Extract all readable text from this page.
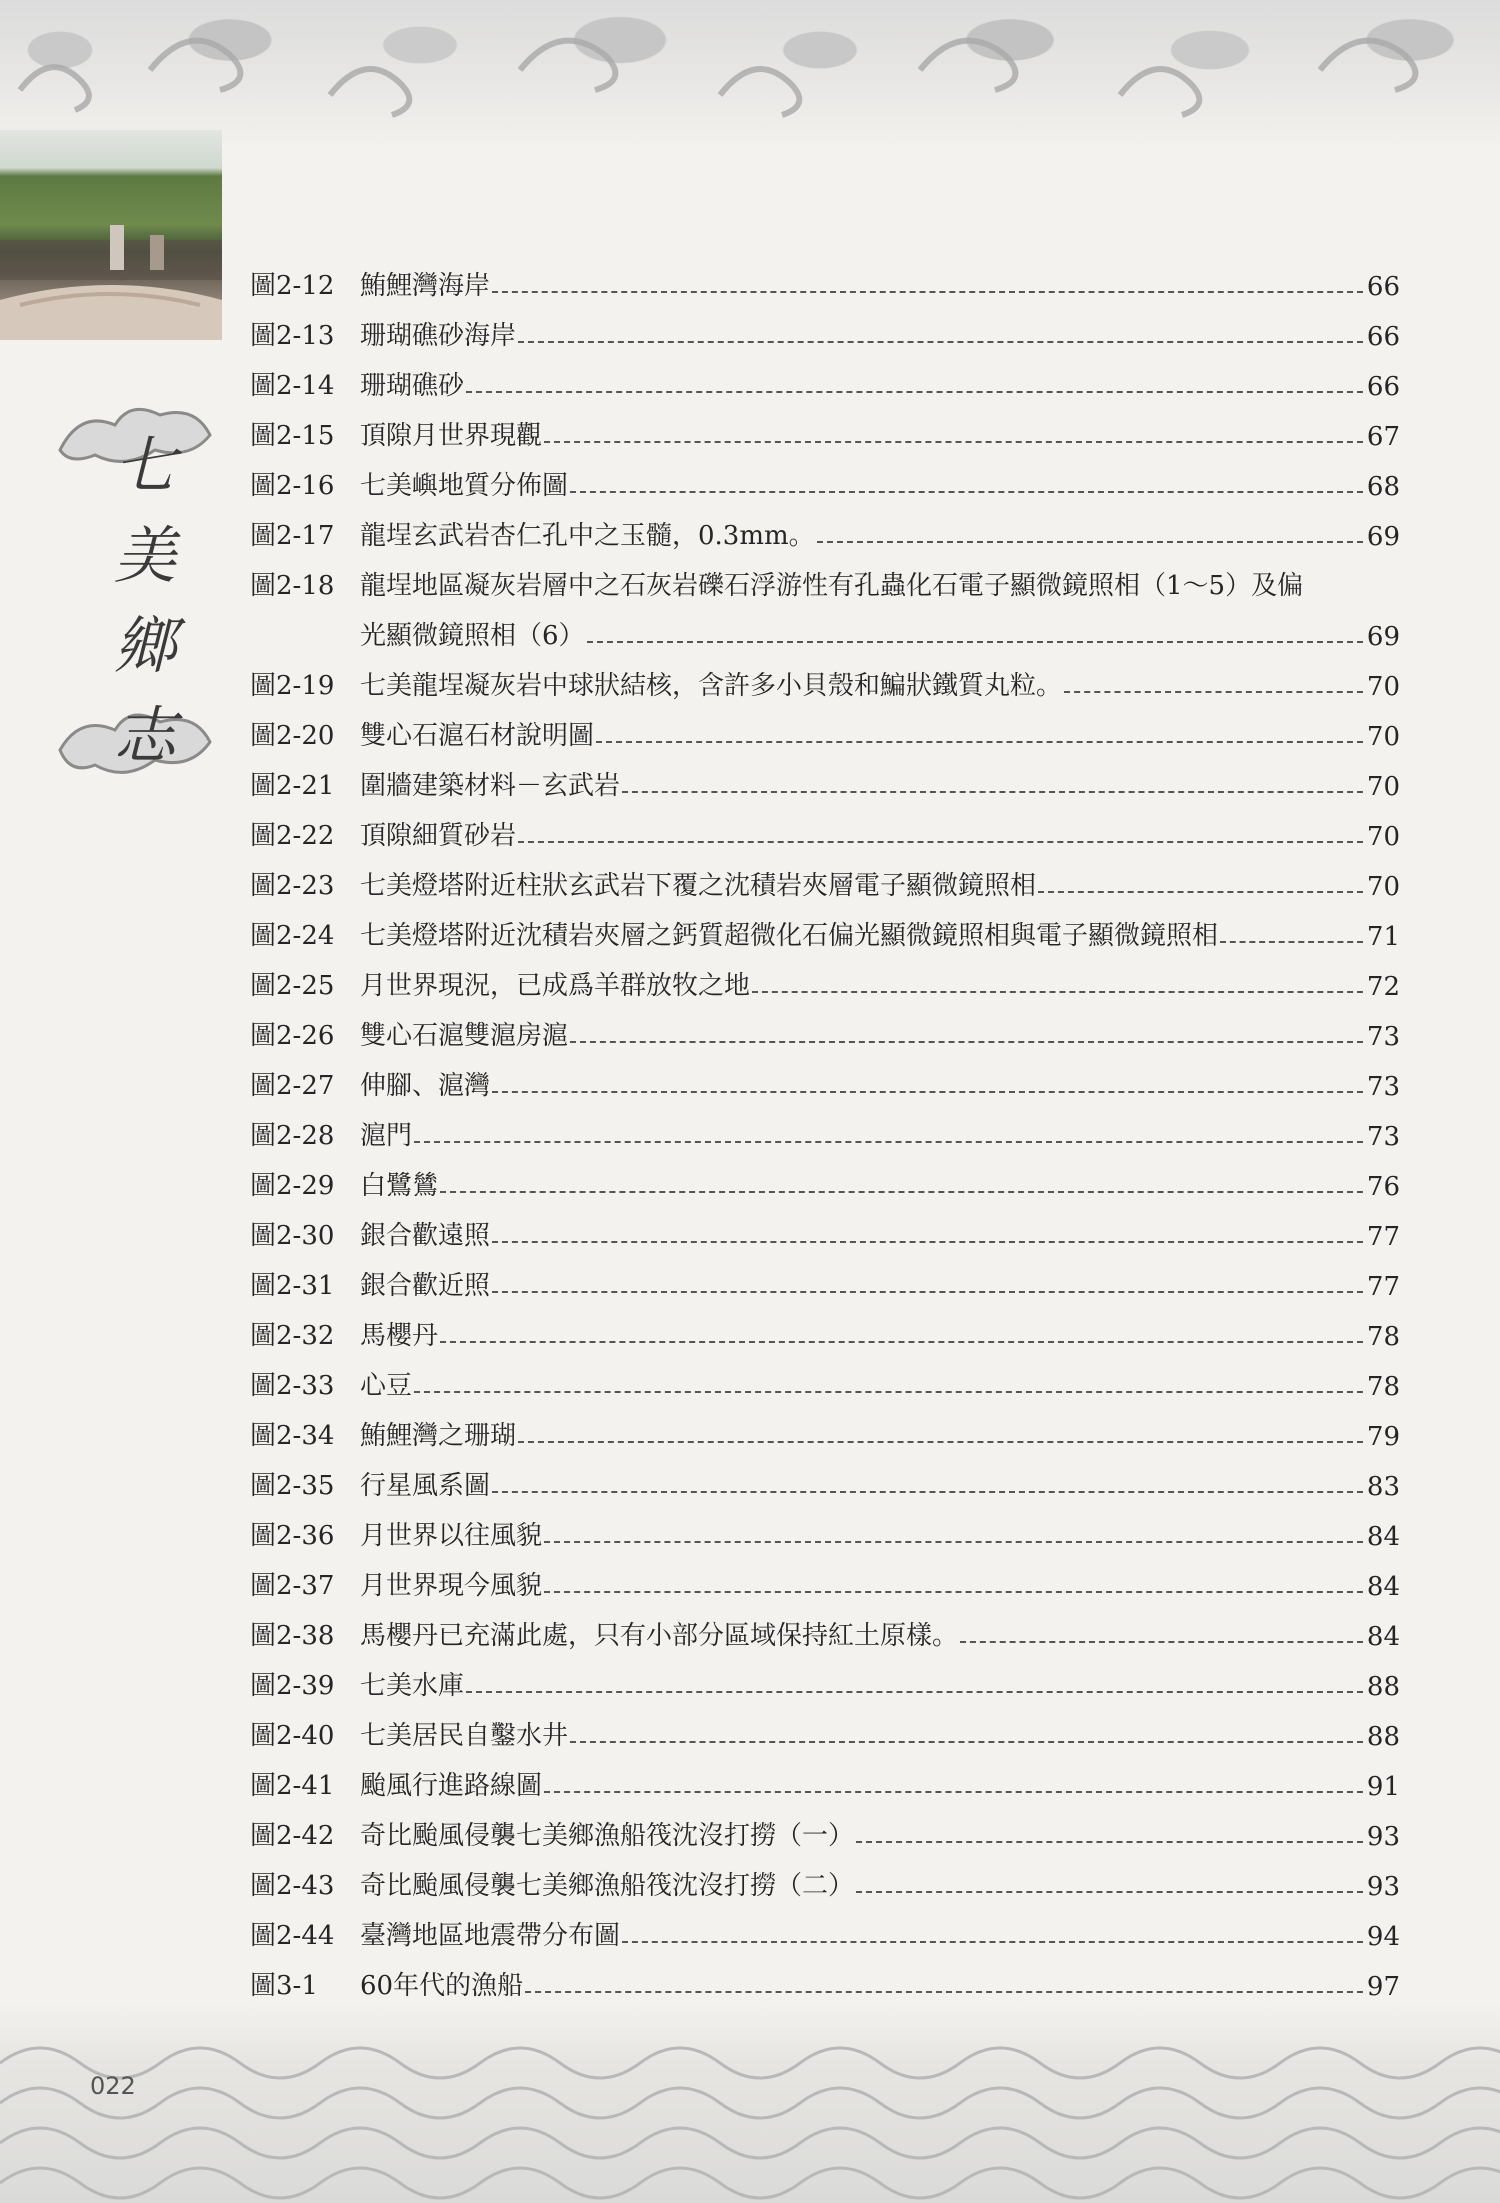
七
美
鄉
志
圖2-12 鮪鯉灣海岸	66
圖2-13 珊瑚礁砂海岸	66
圖2-14 珊瑚礁砂	66
圖2-15 頂隙月世界現觀	67
圖2-16 七美嶼地質分佈圖	68
圖2-17 龍埕玄武岩杏仁孔中之玉髓，0.3mm。	69
圖2-18 龍埕地區凝灰岩層中之石灰岩礫石浮游性有孔蟲化石電子顯微鏡照相（1～5）及偏
光顯微鏡照相（6）	69
圖2-19 七美龍埕凝灰岩中球狀結核，含許多小貝殼和鯿狀鐵質丸粒。	70
圖2-20 雙心石滬石材說明圖	70
圖2-21 圍牆建築材料－玄武岩	70
圖2-22 頂隙細質砂岩	70
圖2-23 七美燈塔附近柱狀玄武岩下覆之沈積岩夾層電子顯微鏡照相	70
圖2-24 七美燈塔附近沈積岩夾層之鈣質超微化石偏光顯微鏡照相與電子顯微鏡照相	71
圖2-25 月世界現況，已成爲羊群放牧之地	72
圖2-26 雙心石滬雙滬房滬	73
圖2-27 伸腳、滬灣	73
圖2-28 滬門	73
圖2-29 白鷺鷥	76
圖2-30 銀合歡遠照	77
圖2-31 銀合歡近照	77
圖2-32 馬櫻丹	78
圖2-33 心豆	78
圖2-34 鮪鯉灣之珊瑚	79
圖2-35 行星風系圖	83
圖2-36 月世界以往風貌	84
圖2-37 月世界現今風貌	84
圖2-38 馬櫻丹已充滿此處，只有小部分區域保持紅土原樣。	84
圖2-39 七美水庫	88
圖2-40 七美居民自鑿水井	88
圖2-41 颱風行進路線圖	91
圖2-42 奇比颱風侵襲七美鄉漁船筏沈沒打撈（一）	93
圖2-43 奇比颱風侵襲七美鄉漁船筏沈沒打撈（二）	93
圖2-44 臺灣地區地震帶分布圖	94
圖3-1	60年代的漁船	97
022
